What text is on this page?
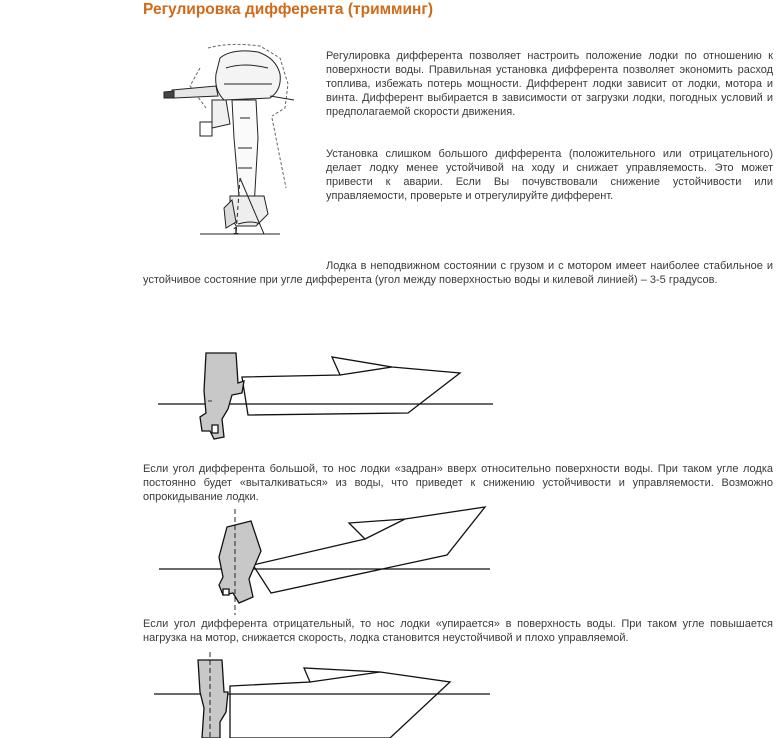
Регулировка дифферента (тримминг)
1
Регулировка дифферента позволяет настроить положение лодки по отношению к поверхности воды. Правильная установка дифферента позволяет экономить расход топлива, избежать потерь мощности. Дифферент лодки зависит от лодки, мотора и винта. Дифферент выбирается в зависимости от загрузки лодки, погодных условий и предполагаемой скорости движения.
Установка слишком большого дифферента (положительного или отрицательного) делает лодку менее устойчивой на ходу и снижает управляемость. Это может привести к аварии. Если Вы почувствовали снижение устойчивости или управляемости, проверьте и отрегулируйте дифферент.
Лодка в неподвижном состоянии с грузом и с мотором имеет наиболее стабильное и устойчивое состояние при угле дифферента (угол между поверхностью воды и килевой линией) – 3-5 градусов.
Если угол дифферента большой, то нос лодки «задран» вверх относительно поверхности воды. При таком угле лодка постоянно будет «выталкиваться» из воды, что приведет к снижению устойчивости и управляемости. Возможно опрокидывание лодки.
Если угол дифферента отрицательный, то нос лодки «упирается» в поверхность воды. При таком угле повышается нагрузка на мотор, снижается скорость, лодка становится неустойчивой и плохо управляемой.
